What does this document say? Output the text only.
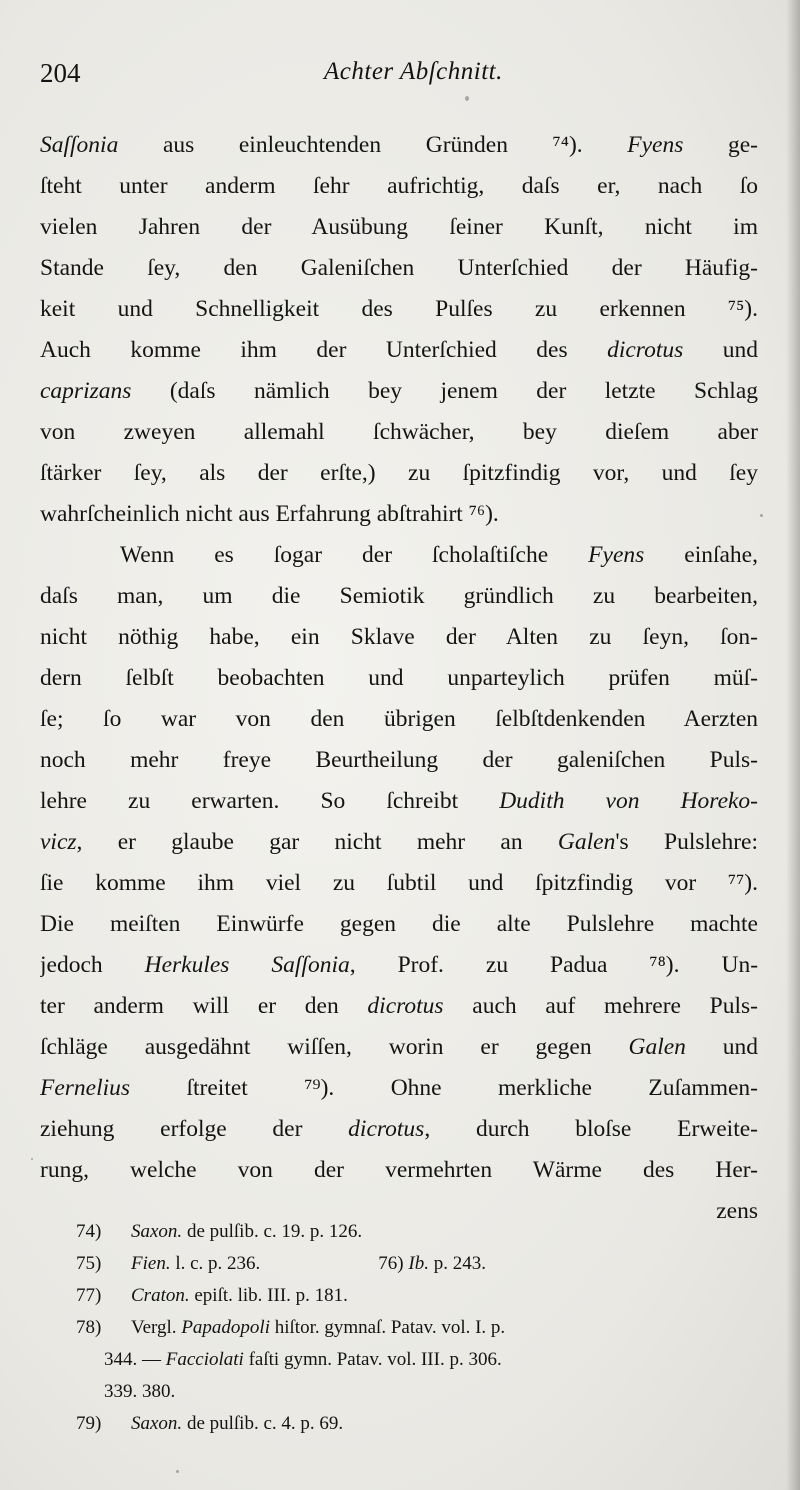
204	Achter Abſchnitt.
Saſſonia aus einleuchtenden Gründen ⁷⁴). Fyens ge-
ſteht unter anderm ſehr aufrichtig, daſs er, nach ſo
vielen Jahren der Ausübung ſeiner Kunſt, nicht im
Stande ſey, den Galeniſchen Unterſchied der Häufig-
keit und Schnelligkeit des Pulſes zu erkennen ⁷⁵).
Auch komme ihm der Unterſchied des dicrotus und
caprizans (daſs nämlich bey jenem der letzte Schlag
von zweyen allemahl ſchwächer, bey dieſem aber
ſtärker ſey, als der erſte,) zu ſpitzfindig vor, und ſey
wahrſcheinlich nicht aus Erfahrung abſtrahirt ⁷⁶).
Wenn es ſogar der ſcholaſtiſche Fyens einſahe,
daſs man, um die Semiotik gründlich zu bearbeiten,
nicht nöthig habe, ein Sklave der Alten zu ſeyn, ſon-
dern ſelbſt beobachten und unparteylich prüfen müſ-
ſe; ſo war von den übrigen ſelbſtdenkenden Aerzten
noch mehr freye Beurtheilung der galeniſchen Puls-
lehre zu erwarten. So ſchreibt Dudith von Horeko-
vicz, er glaube gar nicht mehr an Galen's Pulslehre:
ſie komme ihm viel zu ſubtil und ſpitzfindig vor ⁷⁷).
Die meiſten Einwürfe gegen die alte Pulslehre machte
jedoch Herkules Saſſonia, Prof. zu Padua ⁷⁸). Un-
ter anderm will er den dicrotus auch auf mehrere Puls-
ſchläge ausgedähnt wiſſen, worin er gegen Galen und
Fernelius ſtreitet ⁷⁹). Ohne merkliche Zuſammen-
ziehung erfolge der dicrotus, durch bloſse Erweite-
rung, welche von der vermehrten Wärme des Her-
zens
74) Saxon. de pulſib. c. 19. p. 126.
75) Fien. l. c. p. 236.	76) Ib. p. 243.
77) Craton. epiſt. lib. III. p. 181.
78) Vergl. Papadopoli hiſtor. gymnaſ. Patav. vol. I. p.
344. — Facciolati faſti gymn. Patav. vol. III. p. 306.
339. 380.
79) Saxon. de pulſib. c. 4. p. 69.
